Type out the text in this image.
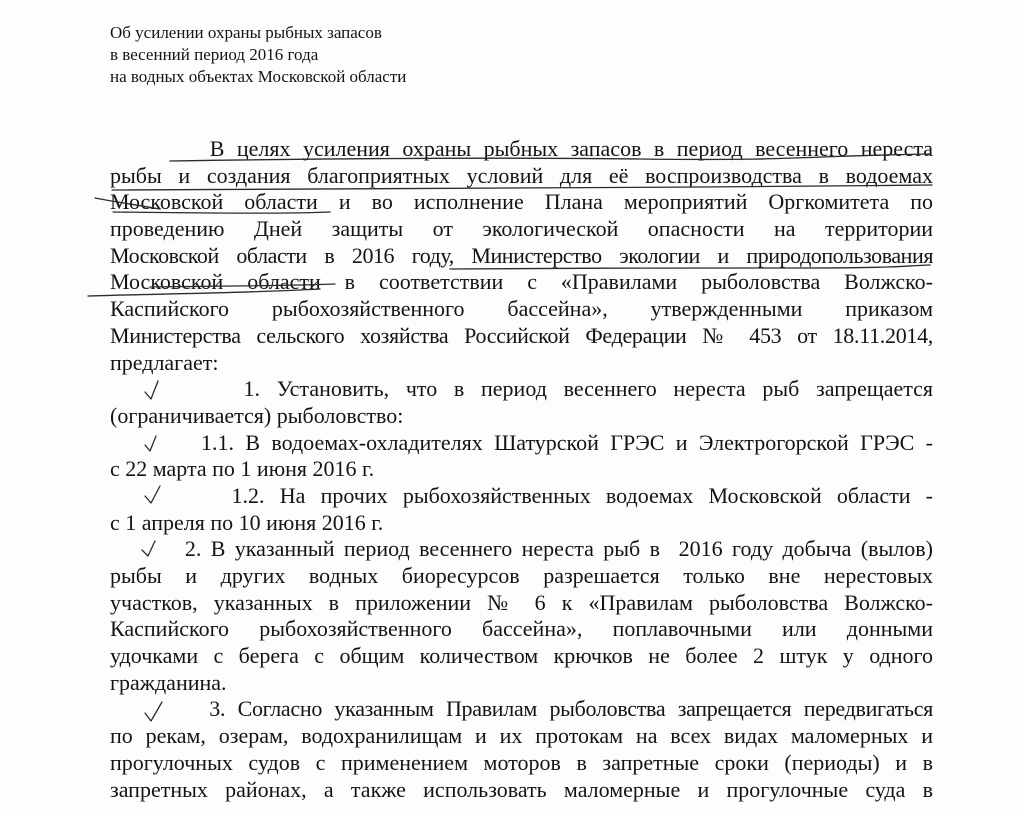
Об усилении охраны рыбных запасов
в весенний период 2016 года
на водных объектах Московской области
В целях усиления охраны рыбных запасов в период весеннего нереста
рыбы и создания благоприятных условий для её воспроизводства в водоемах
Московской области и во исполнение Плана мероприятий Оргкомитета по
проведению Дней защиты от экологической опасности на территории
Московской области в 2016 году, Министерство экологии и природопользования
Московской области в соответствии с «Правилами рыболовства Волжско-
Каспийского рыбохозяйственного бассейна», утвержденными приказом
Министерства сельского хозяйства Российской Федерации № 453 от 18.11.2014,
предлагает:
1. Установить, что в период весеннего нереста рыб запрещается
(ограничивается) рыболовство:
1.1. В водоемах-охладителях Шатурской ГРЭС и Электрогорской ГРЭС -
с 22 марта по 1 июня 2016 г.
1.2. На прочих рыбохозяйственных водоемах Московской области -
с 1 апреля по 10 июня 2016 г.
2. В указанный период весеннего нереста рыб в  2016 году добыча (вылов)
рыбы и других водных биоресурсов разрешается только вне нерестовых
участков, указанных в приложении № 6 к «Правилам рыболовства Волжско-
Каспийского рыбохозяйственного бассейна», поплавочными или донными
удочками с берега с общим количеством крючков не более 2 штук у одного
гражданина.
3. Согласно указанным Правилам рыболовства запрещается передвигаться
по рекам, озерам, водохранилищам и их протокам на всех видах маломерных и
прогулочных судов с применением моторов в запретные сроки (периоды) и в
запретных районах, а также использовать маломерные и прогулочные суда в
